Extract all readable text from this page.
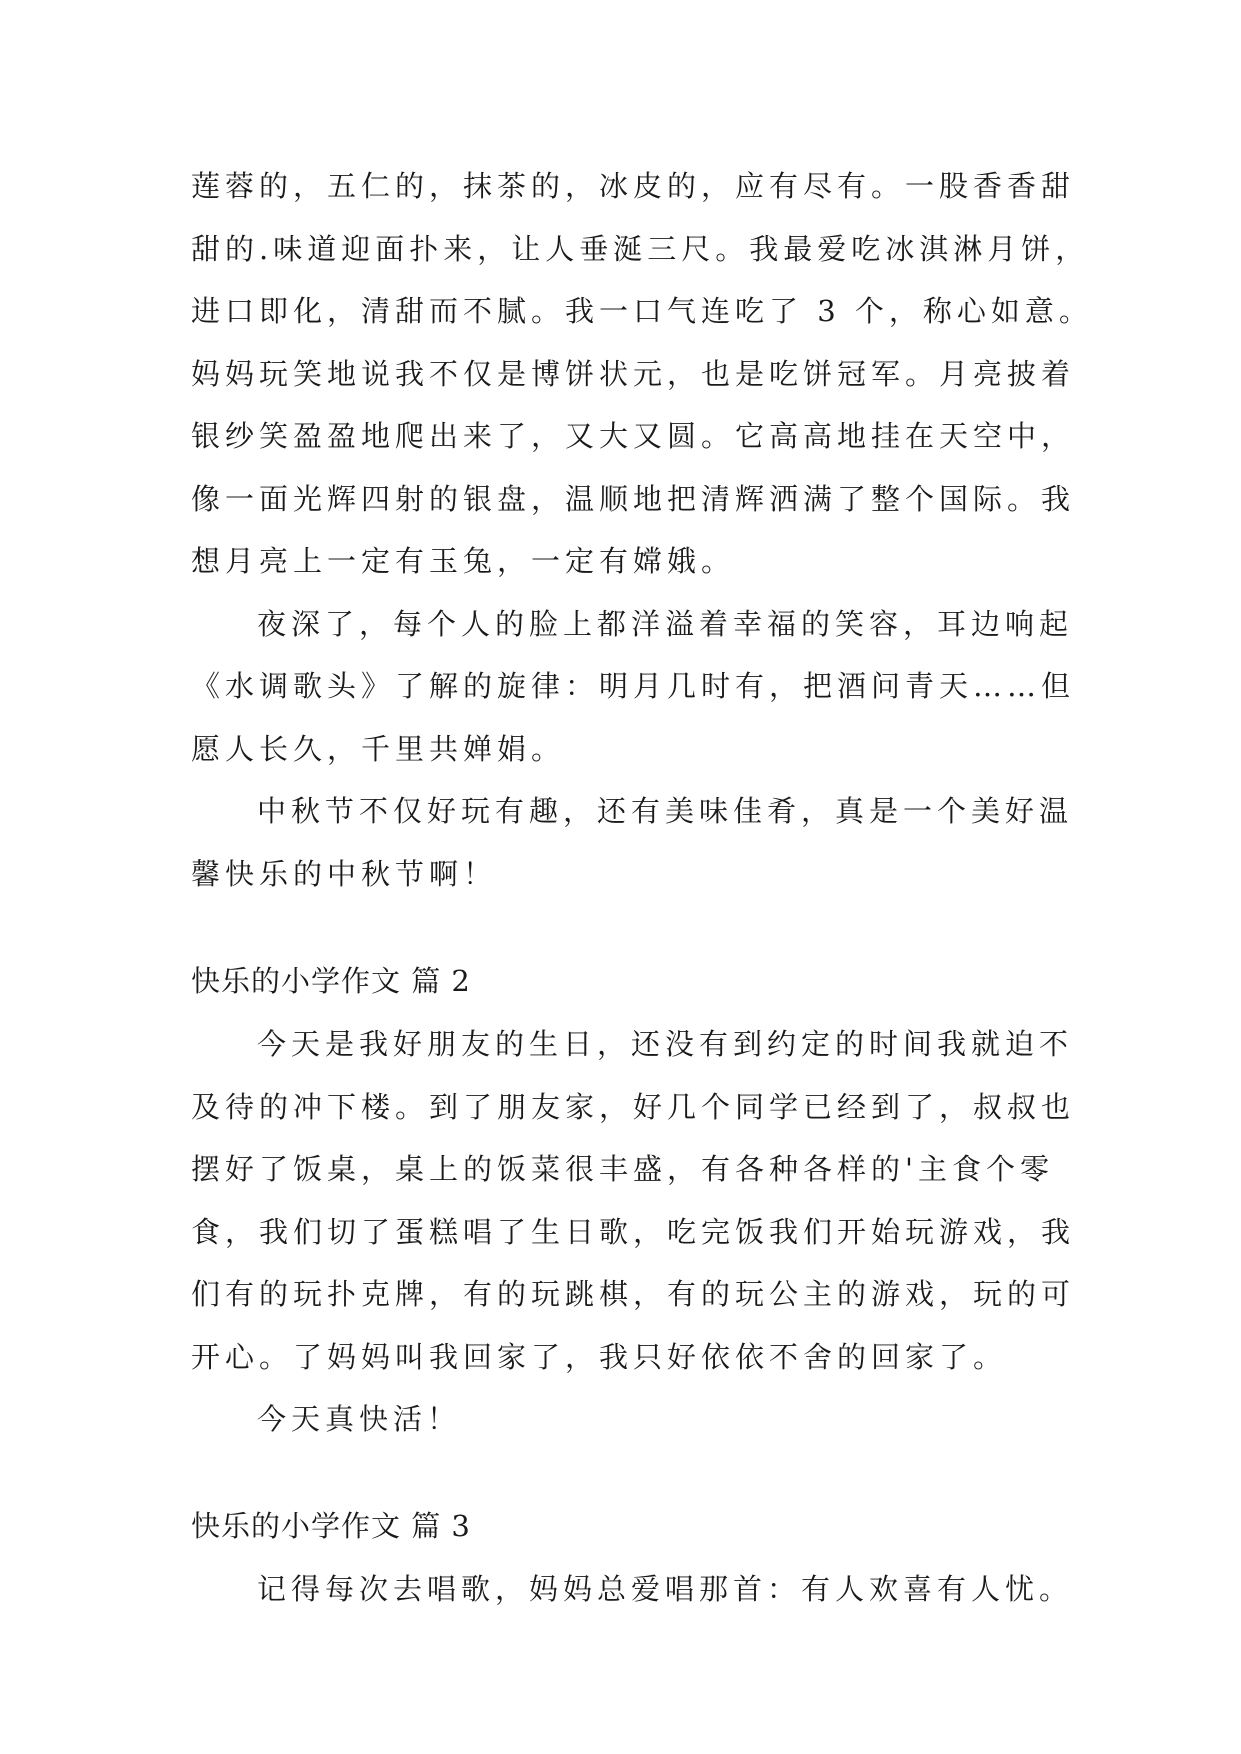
莲蓉的，五仁的，抹茶的，冰皮的，应有尽有。一股香香甜
甜的.味道迎面扑来，让人垂涎三尺。我最爱吃冰淇淋月饼，
进口即化，清甜而不腻。我一口气连吃了 3 个，称心如意。
妈妈玩笑地说我不仅是博饼状元，也是吃饼冠军。月亮披着
银纱笑盈盈地爬出来了，又大又圆。它高高地挂在天空中，
像一面光辉四射的银盘，温顺地把清辉洒满了整个国际。我
想月亮上一定有玉兔，一定有嫦娥。
夜深了，每个人的脸上都洋溢着幸福的笑容，耳边响起
《水调歌头》了解的旋律：明月几时有，把酒问青天……但
愿人长久，千里共婵娟。
中秋节不仅好玩有趣，还有美味佳肴，真是一个美好温
馨快乐的中秋节啊！
快乐的小学作文 篇 2
今天是我好朋友的生日，还没有到约定的时间我就迫不
及待的冲下楼。到了朋友家，好几个同学已经到了，叔叔也
摆好了饭桌，桌上的饭菜很丰盛，有各种各样的'主食个零
食，我们切了蛋糕唱了生日歌，吃完饭我们开始玩游戏，我
们有的玩扑克牌，有的玩跳棋，有的玩公主的游戏，玩的可
开心。了妈妈叫我回家了，我只好依依不舍的回家了。
今天真快活！
快乐的小学作文 篇 3
记得每次去唱歌，妈妈总爱唱那首：有人欢喜有人忧。
